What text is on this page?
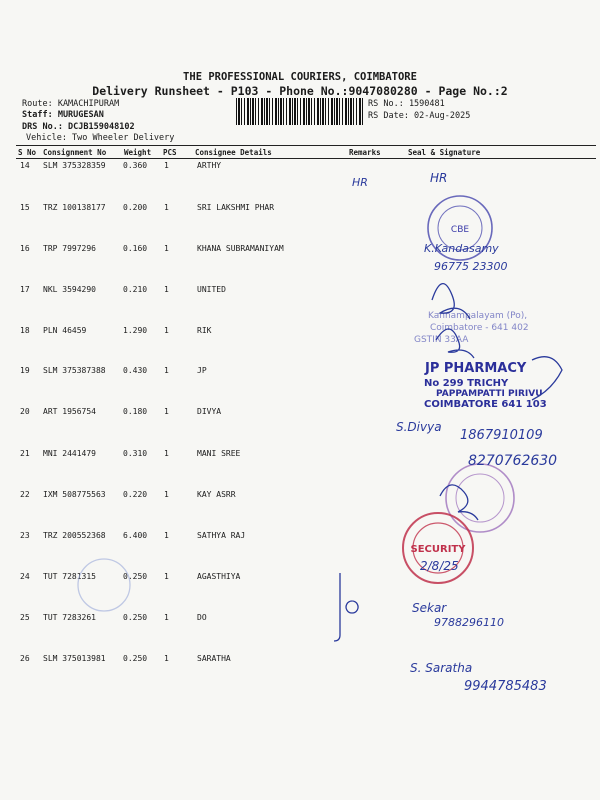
THE PROFESSIONAL COURIERS, COIMBATORE
Delivery Runsheet - P103 - Phone No.:9047080280 - Page No.:2
Route: KAMACHIPURAM
Staff: MURUGESAN
DRS No.: DCJB159048102
Vehicle: Two Wheeler Delivery
RS No.: 1590481
RS Date: 02-Aug-2025
S No Consignment No Weight PCS Consignee Details	Remarks	Seal & Signature
14 SLM 375328359 0.360 1	ARTHY
15 TRZ 100138177 0.200 1	SRI LAKSHMI PHAR
16 TRP 7997296	0.160 1	KHANA SUBRAMANIYAM
17 NKL 3594290	0.210 1	UNITED
18 PLN 46459	1.290 1	RIK
19 SLM 375387388 0.430 1	JP
20 ART 1956754	0.180 1	DIVYA
21 MNI 2441479	0.310 1	MANI SREE
22 IXM 508775563 0.220 1	KAY ASRR
23 TRZ 200552368 6.400 1	SATHYA RAJ
24 TUT 7281315	0.250 1	AGASTHIYA
25 TUT 7283261	0.250 1	DO
26 SLM 375013981 0.250 1	SARATHA
CBE
Kannampalayam (Po),
Coimbatore - 641 402
GSTIN 33AA
JP PHARMACY
No 299 TRICHY
PAPPAMPATTI PIRIVU
COIMBATORE 641 103
SECURITY
HR	HR
K.Kandasamy
96775 23300
S.Divya
1867910109
8270762630
2/8/25
Sekar
9788296110
S. Saratha
9944785483
